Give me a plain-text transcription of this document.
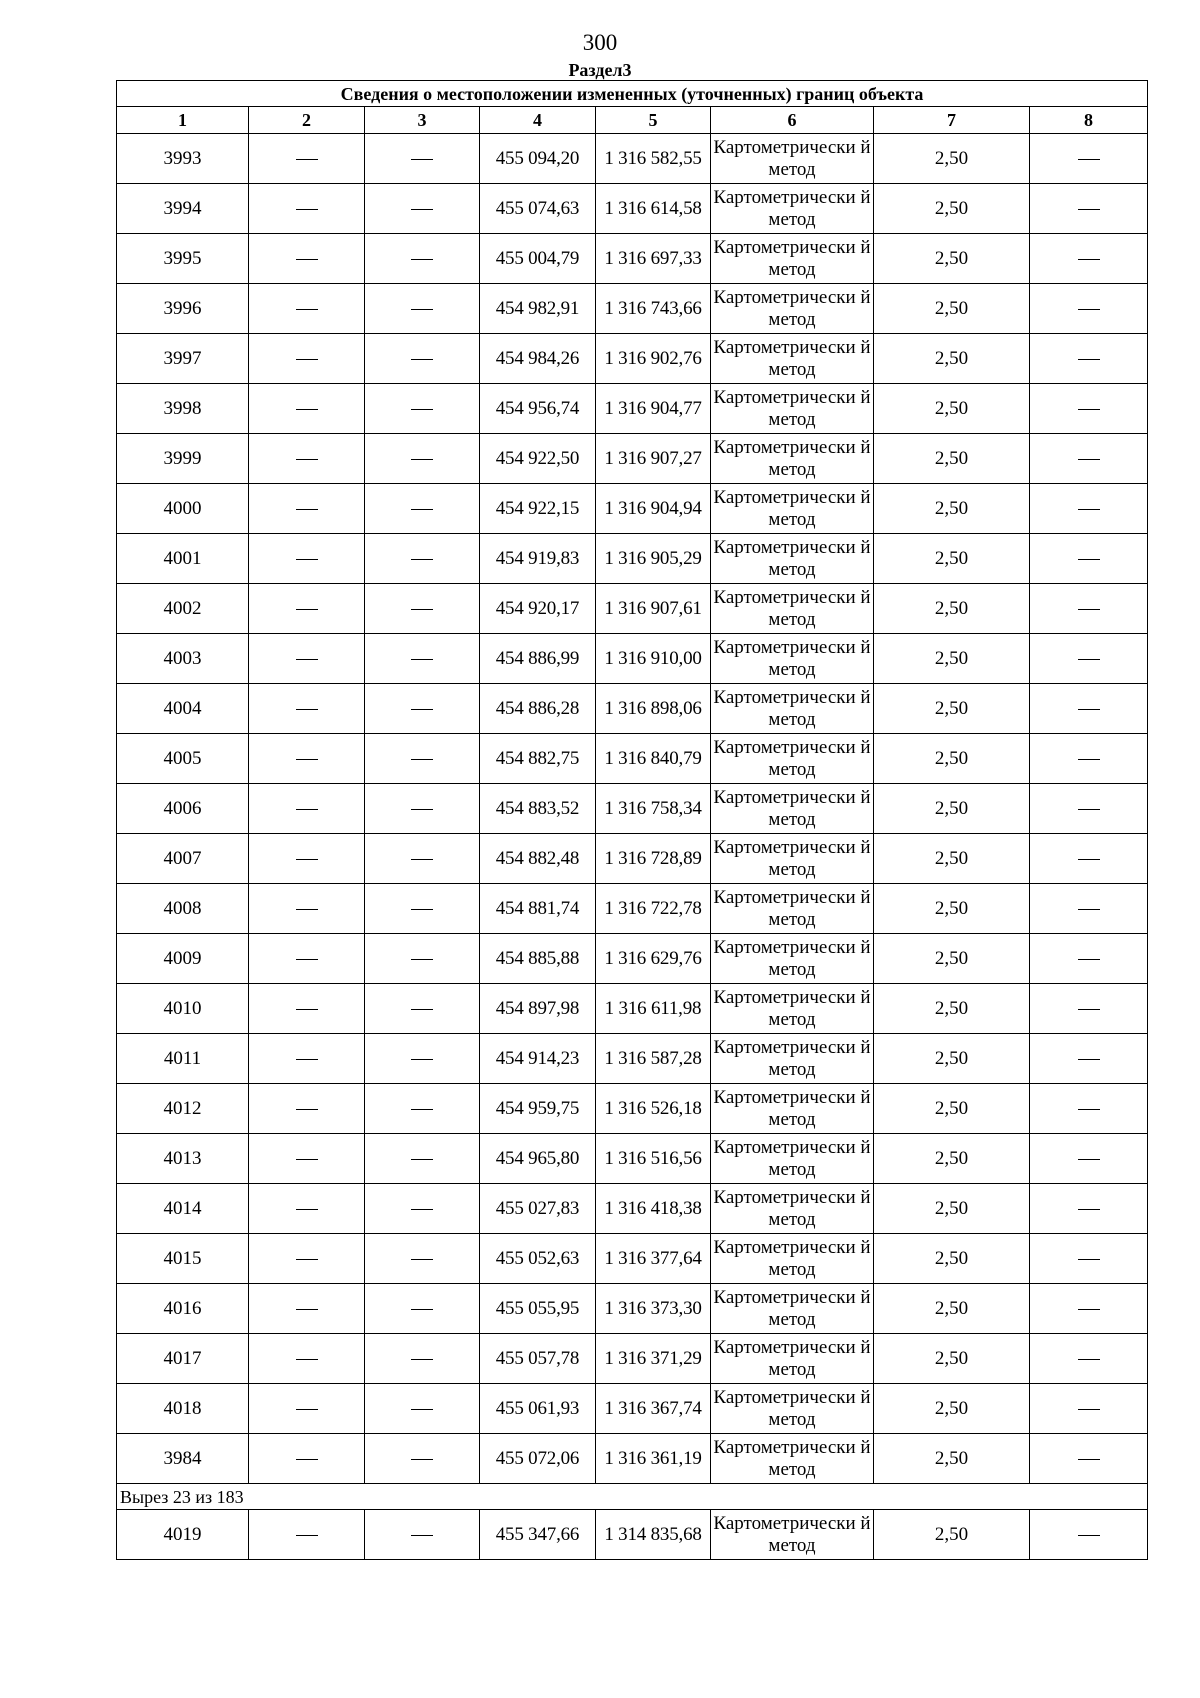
300
Раздел3
Сведения о местоположении измененных (уточненных) границ объекта							
1	2	3	4	5	6	7	8
3993			455 094,20	1 316 582,55	Картометрически й метод	2,50	
3994			455 074,63	1 316 614,58	Картометрически й метод	2,50	
3995			455 004,79	1 316 697,33	Картометрически й метод	2,50	
3996			454 982,91	1 316 743,66	Картометрически й метод	2,50	
3997			454 984,26	1 316 902,76	Картометрически й метод	2,50	
3998			454 956,74	1 316 904,77	Картометрически й метод	2,50	
3999			454 922,50	1 316 907,27	Картометрически й метод	2,50	
4000			454 922,15	1 316 904,94	Картометрически й метод	2,50	
4001			454 919,83	1 316 905,29	Картометрически й метод	2,50	
4002			454 920,17	1 316 907,61	Картометрически й метод	2,50	
4003			454 886,99	1 316 910,00	Картометрически й метод	2,50	
4004			454 886,28	1 316 898,06	Картометрически й метод	2,50	
4005			454 882,75	1 316 840,79	Картометрически й метод	2,50	
4006			454 883,52	1 316 758,34	Картометрически й метод	2,50	
4007			454 882,48	1 316 728,89	Картометрически й метод	2,50	
4008			454 881,74	1 316 722,78	Картометрически й метод	2,50	
4009			454 885,88	1 316 629,76	Картометрически й метод	2,50	
4010			454 897,98	1 316 611,98	Картометрически й метод	2,50	
4011			454 914,23	1 316 587,28	Картометрически й метод	2,50	
4012			454 959,75	1 316 526,18	Картометрически й метод	2,50	
4013			454 965,80	1 316 516,56	Картометрически й метод	2,50	
4014			455 027,83	1 316 418,38	Картометрически й метод	2,50	
4015			455 052,63	1 316 377,64	Картометрически й метод	2,50	
4016			455 055,95	1 316 373,30	Картометрически й метод	2,50	
4017			455 057,78	1 316 371,29	Картометрически й метод	2,50	
4018			455 061,93	1 316 367,74	Картометрически й метод	2,50	
3984			455 072,06	1 316 361,19	Картометрически й метод	2,50	
Вырез 23 из 183							
4019			455 347,66	1 314 835,68	Картометрически й метод	2,50	
